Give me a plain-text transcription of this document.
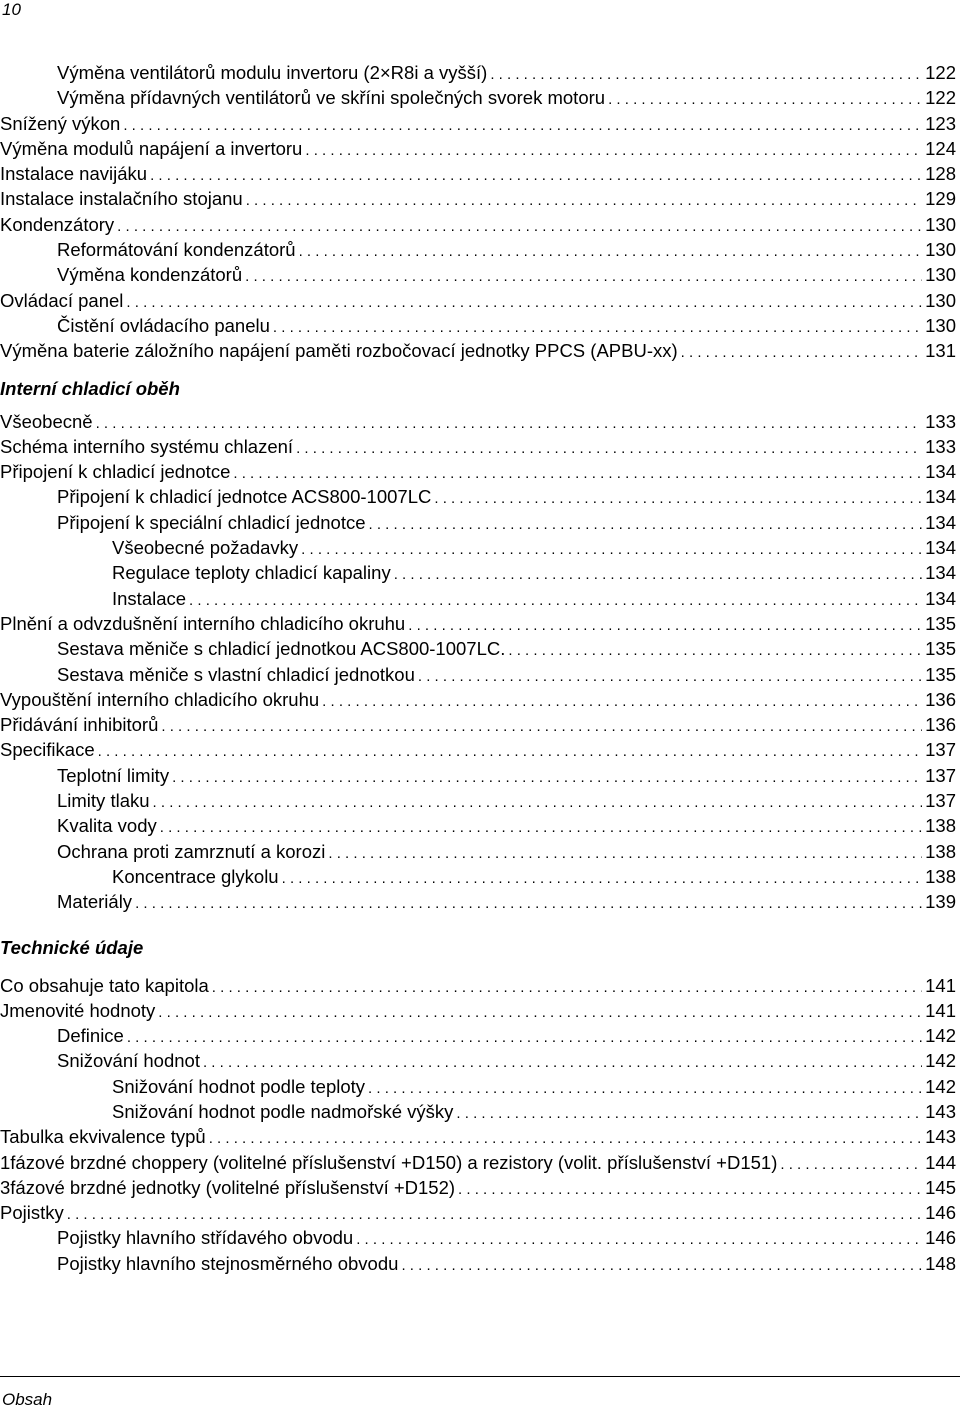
10
Výměna ventilátorů modulu invertoru (2×R8i a vyšší) . . .	122
Výměna přídavných ventilátorů ve skříni společných svorek motoru . . .	122
Snížený výkon . . .	123
Výměna modulů napájení a invertoru . . .	124
Instalace navijáku . . .	128
Instalace instalačního stojanu . . .	129
Kondenzátory . . .	130
Reformátování kondenzátorů . . .	130
Výměna kondenzátorů . . .	130
Ovládací panel . . .	130
Čistění ovládacího panelu . . .	130
Výměna baterie záložního napájení paměti rozbočovací jednotky PPCS (APBU-xx) . . .	131
Interní chladicí oběh
Všeobecně . . .	133
Schéma interního systému chlazení . . .	133
Připojení k chladicí jednotce . . .	134
Připojení k chladicí jednotce ACS800-1007LC . . .	134
Připojení k speciální chladicí jednotce . . .	134
Všeobecné požadavky . . .	134
Regulace teploty chladicí kapaliny . . .	134
Instalace . . .	134
Plnění a odvzdušnění interního chladicího okruhu . . .	135
Sestava měniče s chladicí jednotkou ACS800-1007LC. . . .	135
Sestava měniče s vlastní chladicí jednotkou . . .	135
Vypouštění interního chladicího okruhu . . .	136
Přidávání inhibitorů . . .	136
Specifikace . . .	137
Teplotní limity . . .	137
Limity tlaku . . .	137
Kvalita vody . . .	138
Ochrana proti zamrznutí a korozi . . .	138
Koncentrace glykolu . . .	138
Materiály . . .	139
Technické údaje
Co obsahuje tato kapitola . . .	141
Jmenovité hodnoty . . .	141
Definice . . .	142
Snižování hodnot . . .	142
Snižování hodnot podle teploty . . .	142
Snižování hodnot podle nadmořské výšky . . .	143
Tabulka ekvivalence typů . . .	143
1fázové brzdné choppery (volitelné příslušenství +D150) a rezistory (volit. příslušenství +D151) . . .	144
3fázové brzdné jednotky (volitelné příslušenství +D152) . . .	145
Pojistky . . .	146
Pojistky hlavního střídavého obvodu . . .	146
Pojistky hlavního stejnosměrného obvodu . . .	148
Obsah
